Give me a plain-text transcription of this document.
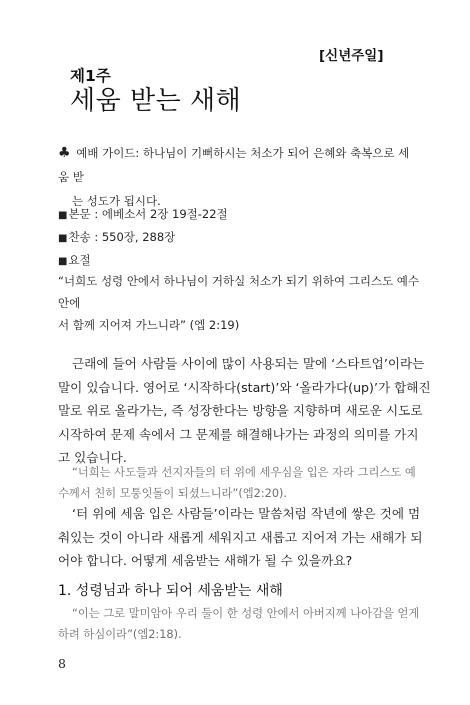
[신년주일]
제1주
세움 받는 새해
♣ 예배 가이드: 하나님이 기뻐하시는 처소가 되어 은혜와 축복으로 세움 받
는 성도가 됩시다.
■본문 : 에베소서 2장 19절-22절
■찬송 : 550장, 288장
■요절
“너희도 성령 안에서 하나님이 거하실 처소가 되기 위하여 그리스도 예수 안에
서 함께 지어져 가느니라” (엡 2:19)
근래에 들어 사람들 사이에 많이 사용되는 말에 ‘스타트업’이라는
말이 있습니다. 영어로 ‘시작하다(start)’와 ‘올라가다(up)’가 합해진
말로 위로 올라가는, 즉 성장한다는 방향을 지향하며 새로운 시도로
시작하여 문제 속에서 그 문제를 해결해나가는 과정의 의미를 가지
고 있습니다.
“너희는 사도들과 선지자들의 터 위에 세우심을 입은 자라 그리스도 예
수께서 친히 모퉁잇돌이 되셨느니라”(엡2:20).
‘터 위에 세움 입은 사람들’이라는 말씀처럼 작년에 쌓은 것에 멈
춰있는 것이 아니라 새롭게 세워지고 새롭고 지어져 가는 새해가 되
어야 합니다. 어떻게 세움받는 새해가 될 수 있을까요?
1. 성령님과 하나 되어 세움받는 새해
“이는 그로 말미암아 우리 둘이 한 성령 안에서 아버지께 나아감을 얻게
하려 하심이라”(엡2:18).
8
